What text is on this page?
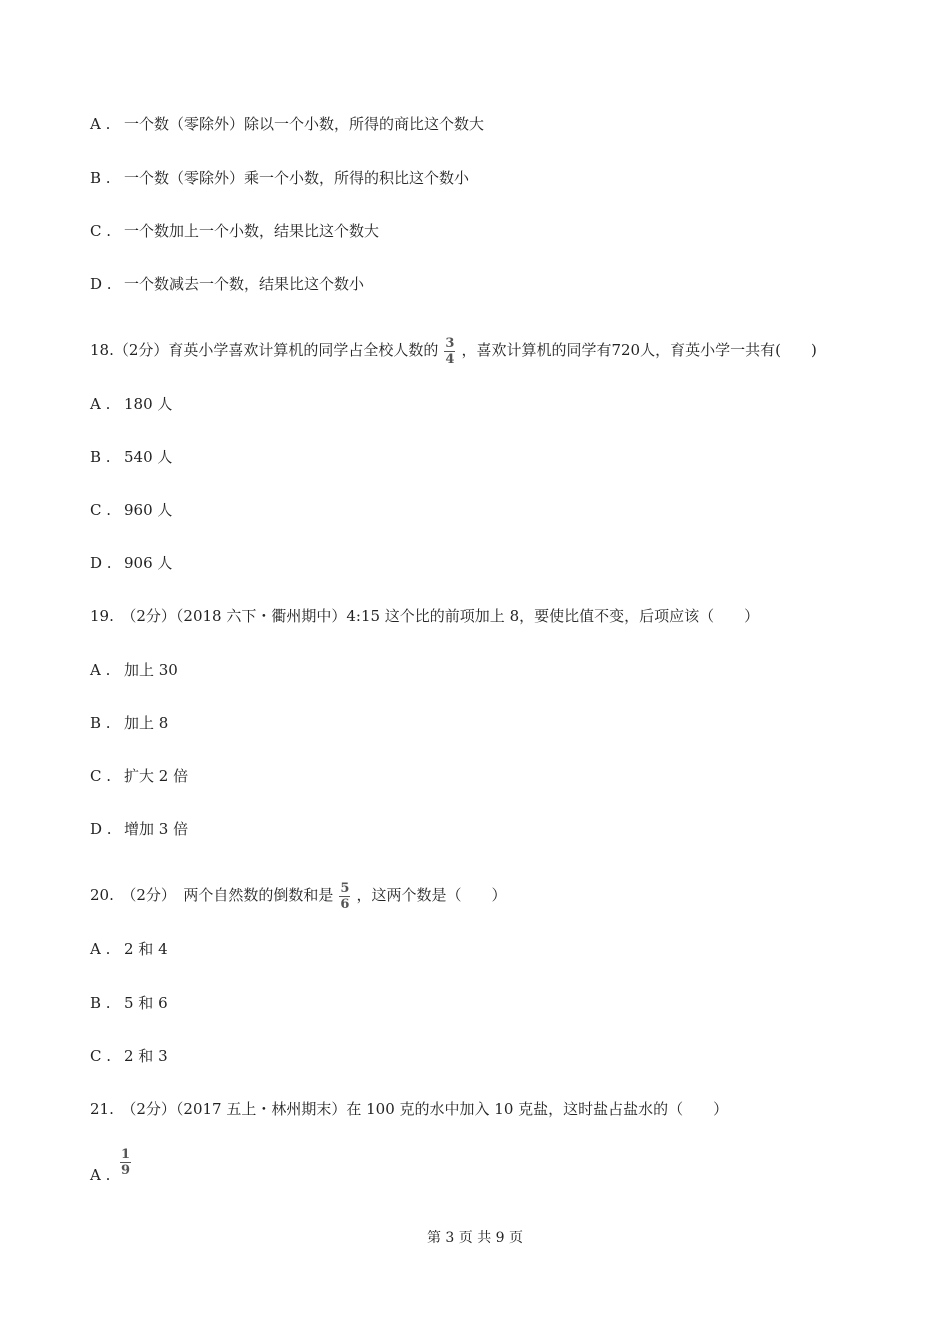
A . 一个数（零除外）除以一个小数，所得的商比这个数大
B . 一个数（零除外）乘一个小数，所得的积比这个数小
C . 一个数加上一个小数，结果比这个数大
D . 一个数减去一个数，结果比这个数小
18.（2分）育英小学喜欢计算机的同学占全校人数的 $\frac{3}{4}$ ，喜欢计算机的同学有720人，育英小学一共有(　　)
A . 180 人
B . 540 人
C . 960 人
D . 906 人
19.　（2分）（2018 六下・衢州期中）4:15 这个比的前项加上 8，要使比值不变，后项应该（　　）
A . 加上 30
B . 加上 8
C . 扩大 2 倍
D . 增加 3 倍
20.　（2分）　两个自然数的倒数和是 $\frac{5}{6}$ ，这两个数是（　　）
A . 2 和 4
B . 5 和 6
C . 2 和 3
21.　（2分）（2017 五上・林州期末）在 100 克的水中加入 10 克盐，这时盐占盐水的（　　）
A . $\frac{1}{9}$
第 3 页 共 9 页
